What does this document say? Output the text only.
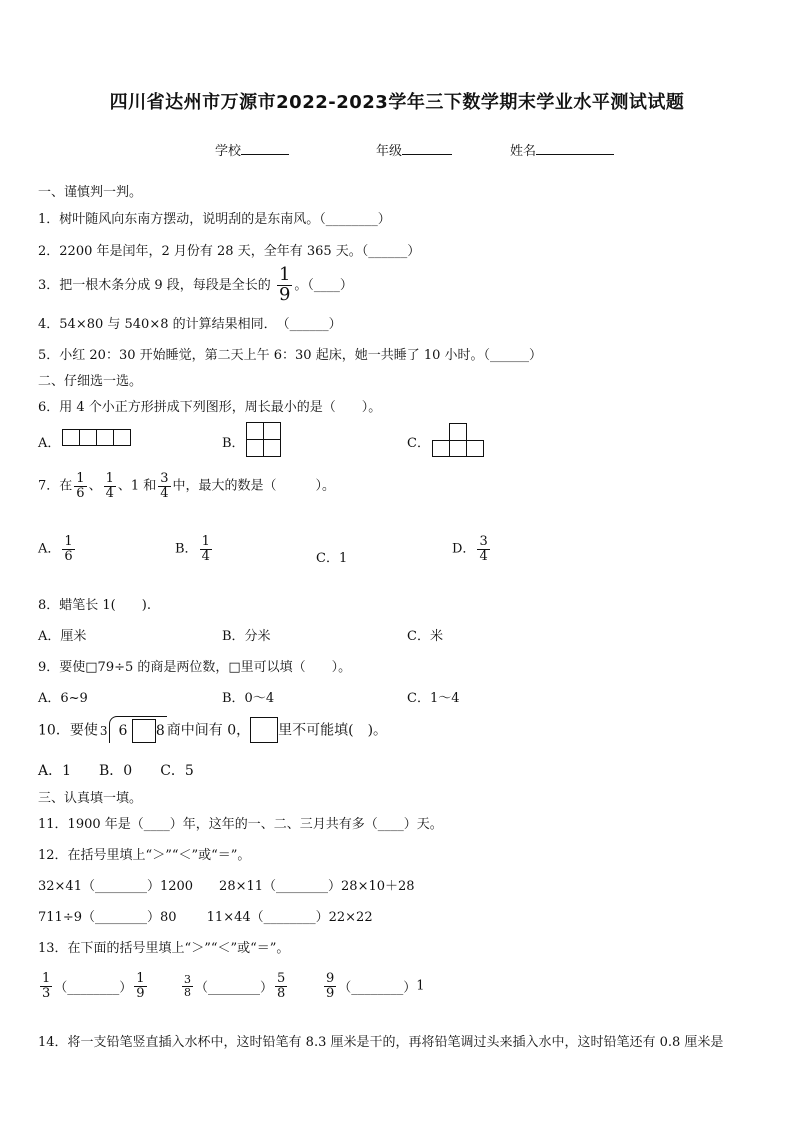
四川省达州市万源市2022-2023学年三下数学期末学业水平测试试题
学校	年级	姓名
一、谨慎判一判。
1．树叶随风向东南方摆动，说明刮的是东南风。（________）
2．2200 年是闰年，2 月份有 28 天，全年有 365 天。（______）
3．把一根木条分成 9 段，每段是全长的 $\frac{1}{9}$ 。（____）
4．54×80 与 540×8 的计算结果相同．　（______）
5．小红 20：30 开始睡觉，第二天上午 6：30 起床，她一共睡了 10 小时。（______）
二、仔细选一选。
6．用 4 个小正方形拼成下列图形，周长最小的是（　　）。
A．	B．	C．
7．在 $\frac{1}{6}$ 、 $\frac{1}{4}$ 、1 和 $\frac{3}{4}$ 中，最大的数是（　　　）。
A． $\frac{1}{6}$	B． $\frac{1}{4}$	C．1
D． $\frac{3}{4}$
8．蜡笔长 1(　　).
A．厘米	B．分米	C．米
9．要使□79÷5 的商是两位数，□里可以填（　　）。
A．6~9	B．0～4	C．1～4
10．要使 3 6 8 商中间有 0， 里不可能填(　)。
A．1　　B．0　　C．5
三、认真填一填。
11．1900 年是（____）年，这年的一、二、三月共有多（____）天。
12．在括号里填上“＞”“＜”或“＝”。
32×41（________）1200　　28×11（________）28×10＋28
711÷9（________）80　　 11×44（________）22×22
13．在下面的括号里填上“＞”“＜”或“＝”。
$\frac{1}{3}$ （________） $\frac{1}{9}$	$\frac{3}{8}$ （________） $\frac{5}{8}$	$\frac{9}{9}$ （________）1
14．将一支铅笔竖直插入水杯中，这时铅笔有 8.3 厘米是干的，再将铅笔调过头来插入水中，这时铅笔还有 0.8 厘米是
